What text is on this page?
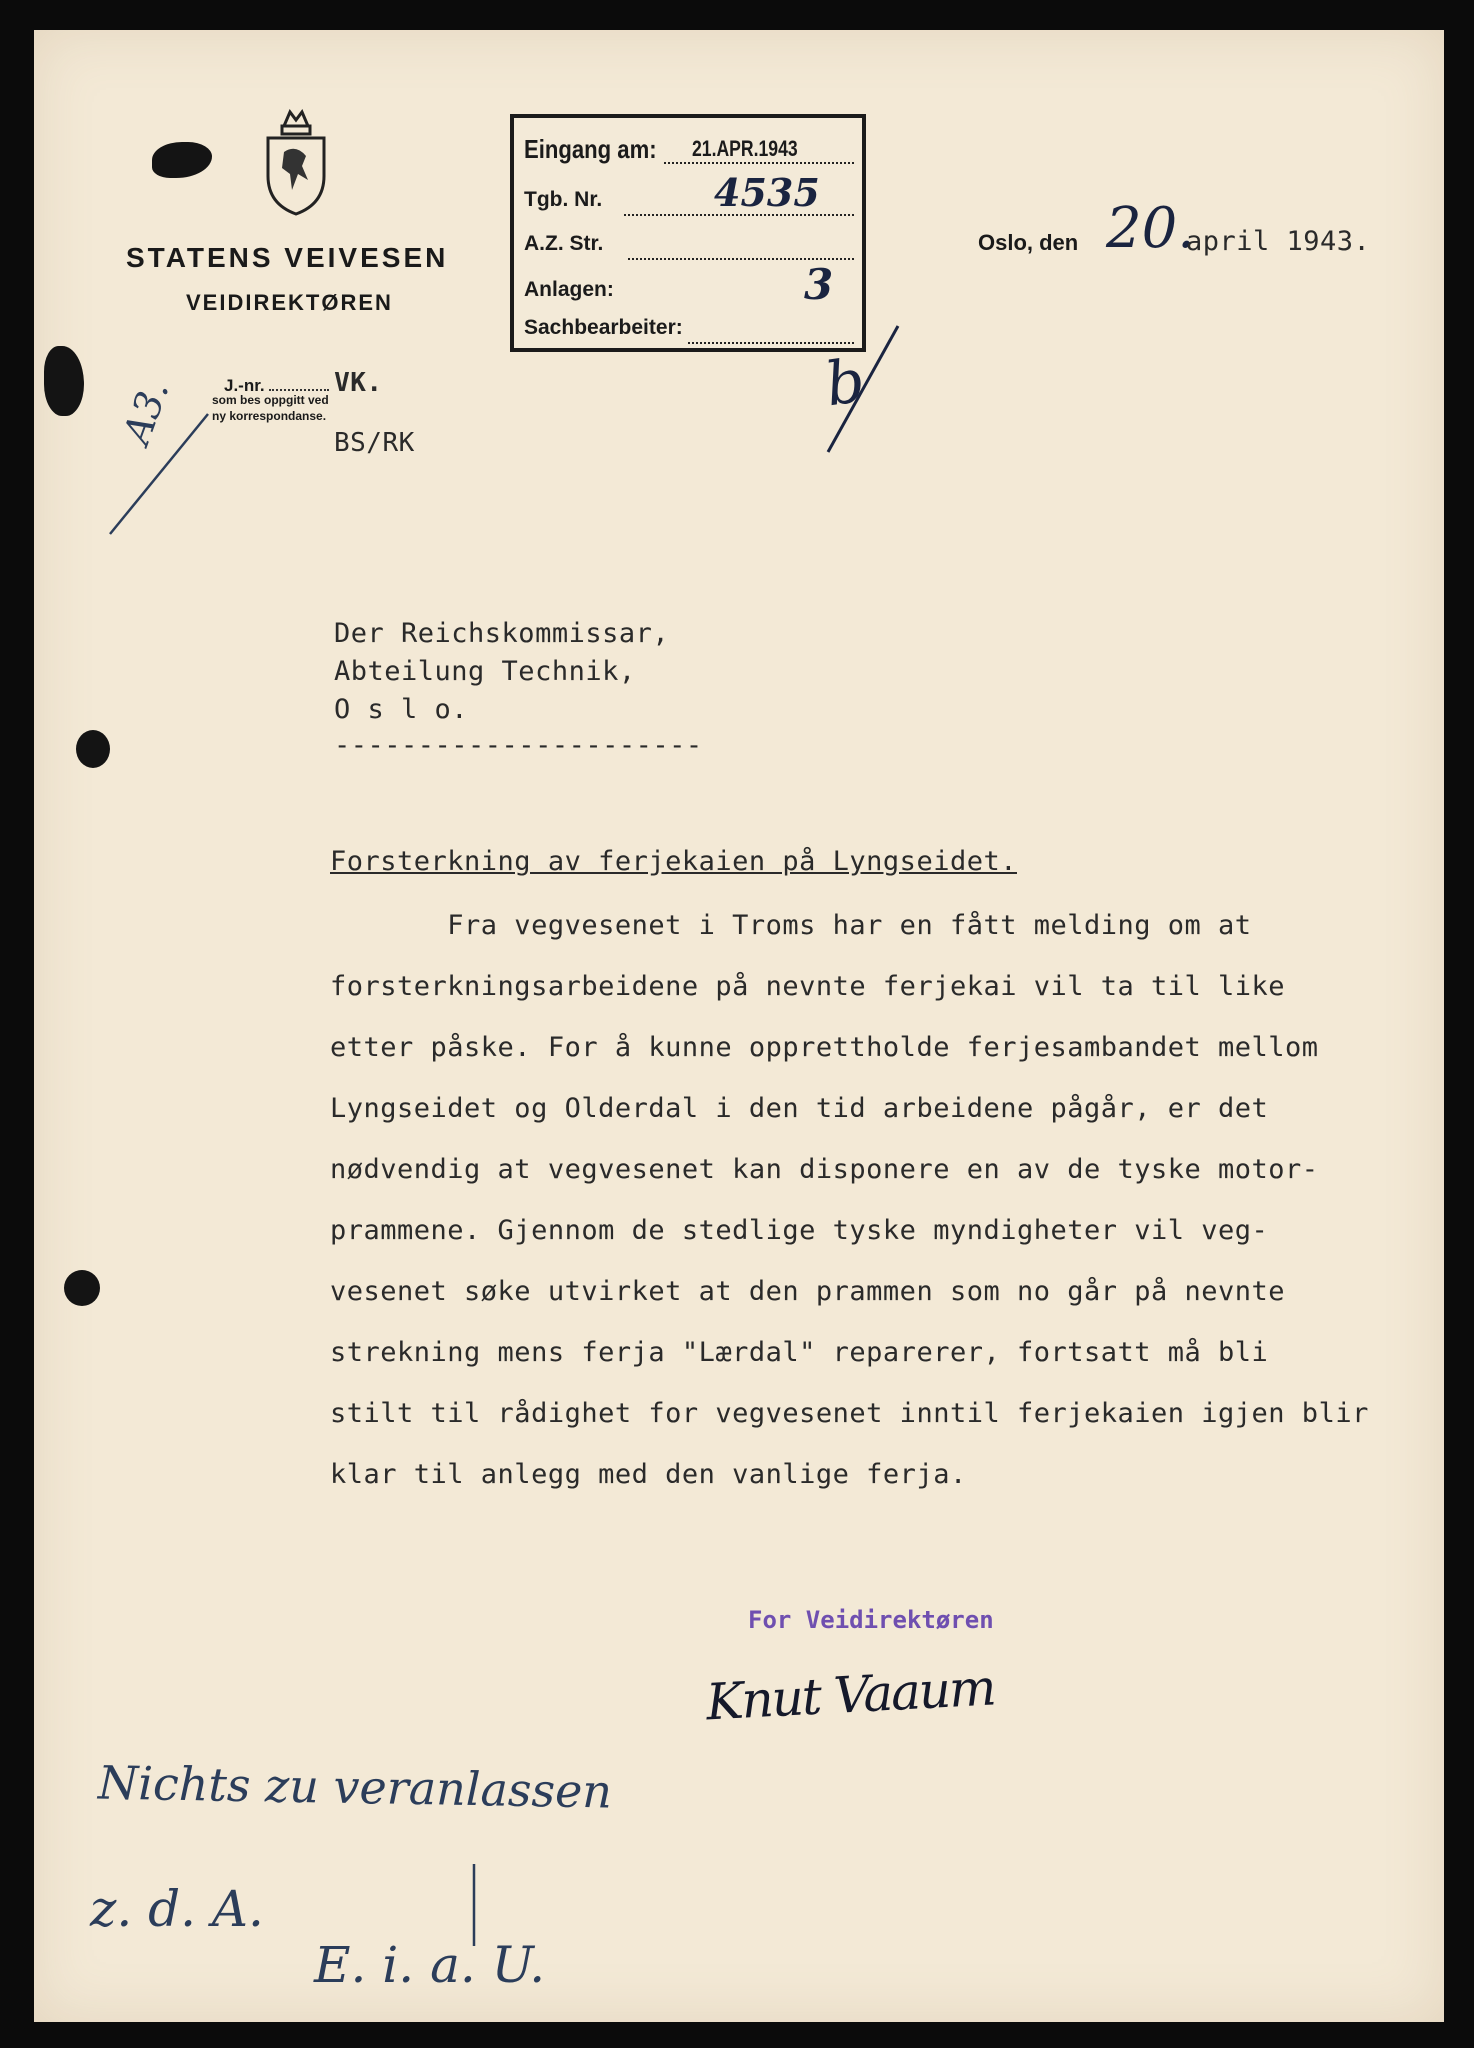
STATENS VEIVESEN
VEIDIREKTØREN
J.-nr.	VK.
som bes oppgitt ved
ny korrespondanse.
BS/RK
A3.
Eingang am: 21.APR.1943
Tgb. Nr.	4535
A.Z. Str.
Anlagen:	3
Sachbearbeiter:
b
Oslo, den 20.
april 1943.
Der Reichskommissar,
Abteilung Technik,
O s l o.
----------------------
Forsterkning av ferjekaien på Lyngseidet.
Fra vegvesenet i Troms har en fått melding om at
forsterkningsarbeidene på nevnte ferjekai vil ta til like
etter påske. For å kunne opprettholde ferjesambandet mellom
Lyngseidet og Olderdal i den tid arbeidene pågår, er det
nødvendig at vegvesenet kan disponere en av de tyske motor-
prammene. Gjennom de stedlige tyske myndigheter vil veg-
vesenet søke utvirket at den prammen som no går på nevnte
strekning mens ferja "Lærdal" reparerer, fortsatt må bli
stilt til rådighet for vegvesenet inntil ferjekaien igjen blir
klar til anlegg med den vanlige ferja.
For Veidirektøren
Knut Vaaum
Nichts zu veranlassen
z. d. A.
E. i. a. U.
